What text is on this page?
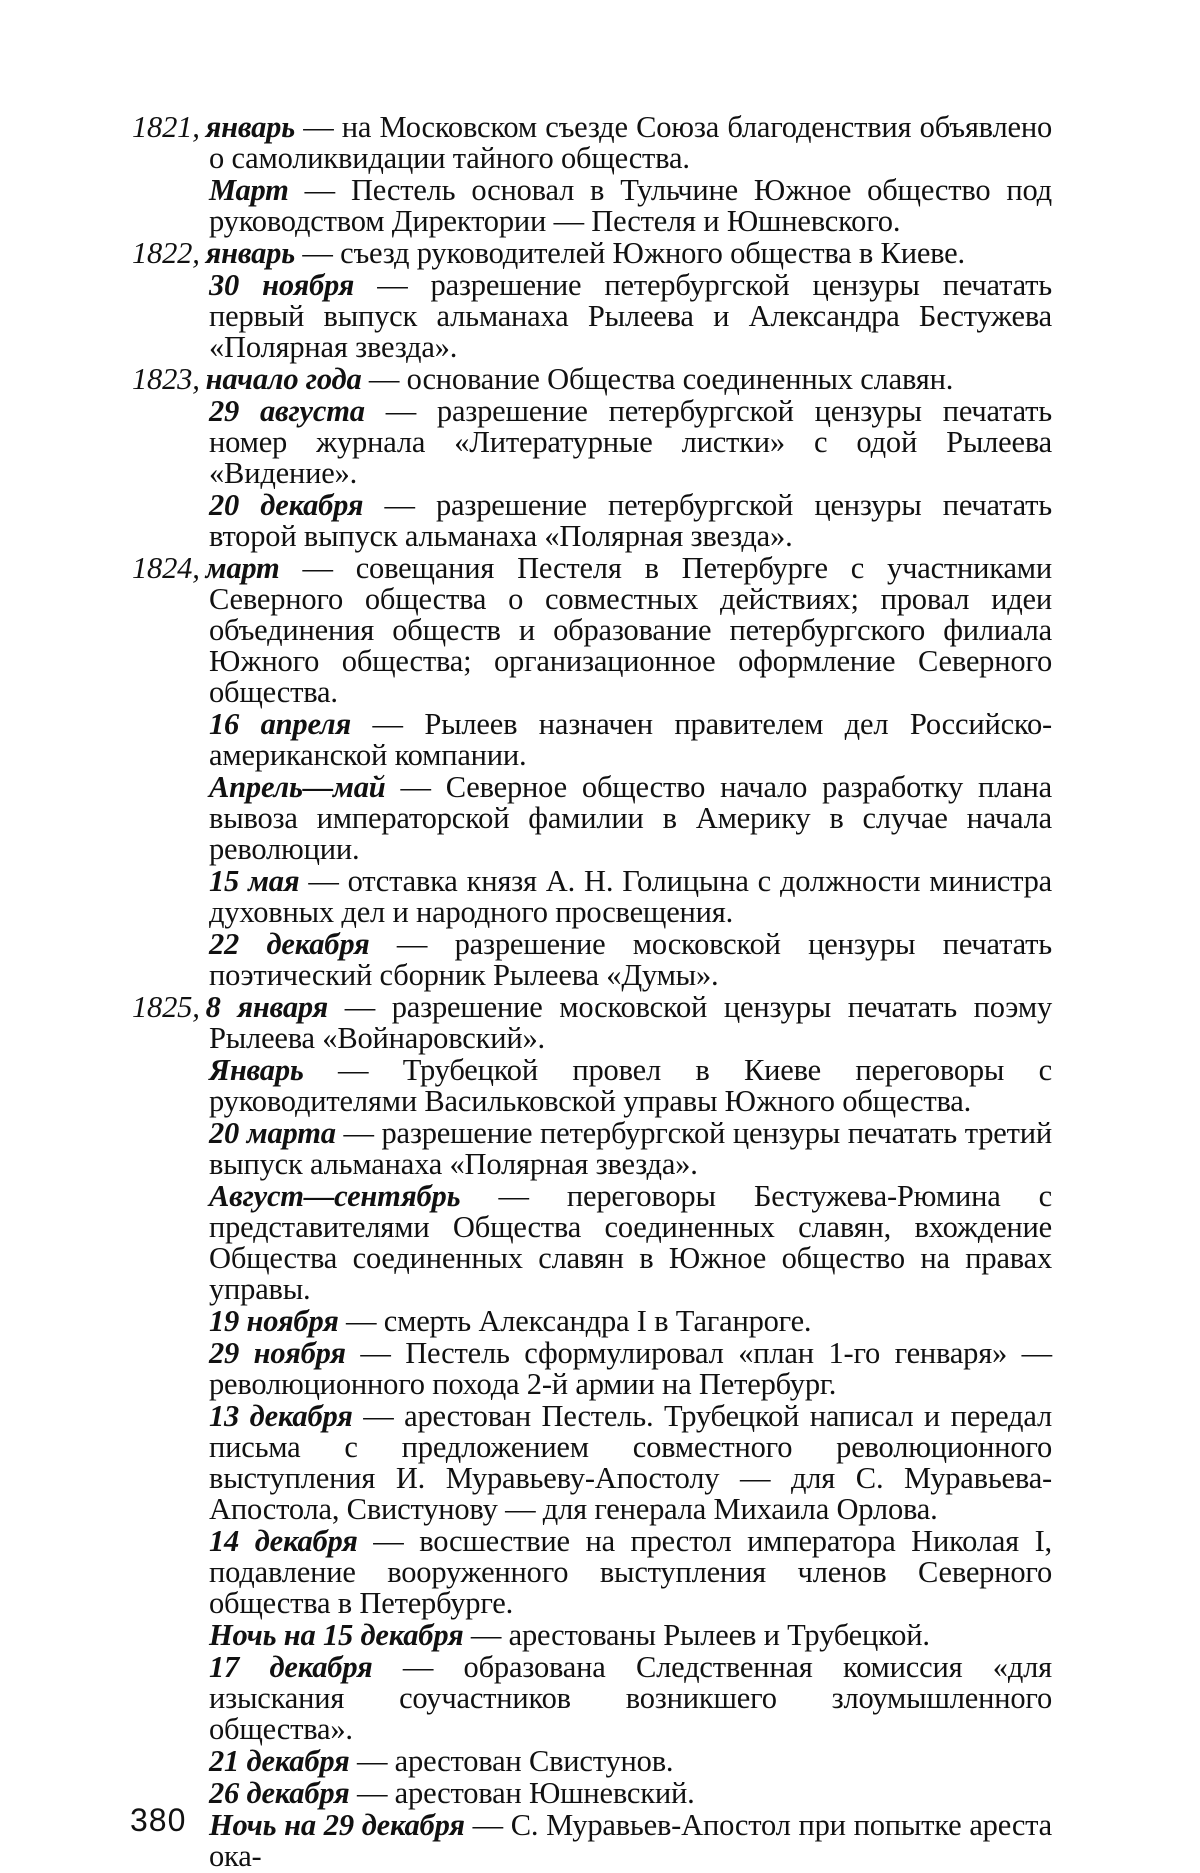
1821, январь — на Московском съезде Союза благоденствия объявлено о самоликвидации тайного общества.

Март — Пестель основал в Тульчине Южное общество под руководством Директории — Пестеля и Юшневского.

1822, январь — съезд руководителей Южного общества в Киеве.

30 ноября — разрешение петербургской цензуры печатать первый выпуск альманаха Рылеева и Александра Бестужева «Полярная звезда».

1823, начало года — основание Общества соединенных славян.

29 августа — разрешение петербургской цензуры печатать номер журнала «Литературные листки» с одой Рылеева «Видение».

20 декабря — разрешение петербургской цензуры печатать второй выпуск альманаха «Полярная звезда».

1824, март — совещания Пестеля в Петербурге с участниками Северного общества о совместных действиях; провал идеи объединения обществ и образование петербургского филиала Южного общества; организационное оформление Северного общества.

16 апреля — Рылеев назначен правителем дел Российско-американской компании.

Апрель—май — Северное общество начало разработку плана вывоза императорской фамилии в Америку в случае начала революции.

15 мая — отставка князя А. Н. Голицына с должности министра духовных дел и народного просвещения.

22 декабря — разрешение московской цензуры печатать поэтический сборник Рылеева «Думы».

1825, 8 января — разрешение московской цензуры печатать поэму Рылеева «Войнаровский».

Январь — Трубецкой провел в Киеве переговоры с руководителями Васильковской управы Южного общества.

20 марта — разрешение петербургской цензуры печатать третий выпуск альманаха «Полярная звезда».

Август—сентябрь — переговоры Бестужева-Рюмина с представителями Общества соединенных славян, вхождение Общества соединенных славян в Южное общество на правах управы.

19 ноября — смерть Александра I в Таганроге.

29 ноября — Пестель сформулировал «план 1-го генваря» — революционного похода 2-й армии на Петербург.

13 декабря — арестован Пестель. Трубецкой написал и передал письма с предложением совместного революционного выступления И. Муравьеву-Апостолу — для С. Муравьева-Апостола, Свистунову — для генерала Михаила Орлова.

14 декабря — восшествие на престол императора Николая I, подавление вооруженного выступления членов Северного общества в Петербурге.

Ночь на 15 декабря — арестованы Рылеев и Трубецкой.

17 декабря — образована Следственная комиссия «для изыскания соучастников возникшего злоумышленного общества».

21 декабря — арестован Свистунов.

26 декабря — арестован Юшневский.

Ночь на 29 декабря — С. Муравьев-Апостол при попытке ареста ока-

380
